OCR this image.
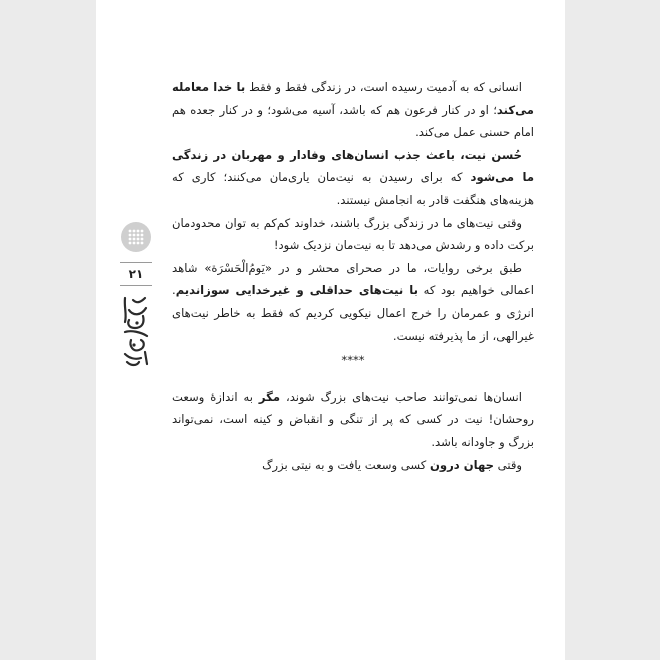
انسانی که به آدمیت رسیده است، در زندگی فقط و فقط با خدا معامله می‌کند؛ او در کنار فرعون هم که باشد، آسیه می‌شود؛ و در کنار جعده هم امام حسنی عمل می‌کند.

حُسن نیت، باعث جذب انسان‌های وفادار و مهربان در زندگی ما می‌شود که برای رسیدن به نیت‌مان یاری‌مان می‌کنند؛ کاری که هزینه‌های هنگفت قادر به انجامش نیستند.

وقتی نیت‌های ما در زندگی بزرگ باشند، خداوند کم‌کم به توان محدودمان برکت داده و رشدش می‌دهد تا به نیت‌مان نزدیک شود!

طبق برخی روایات، ما در صحرای محشر و در «یَومُ‌الْحَسْرَة» شاهد اعمالی خواهیم بود که با نیت‌های حداقلی و غیرخدایی سوزاندیم. انرژی و عمرمان را خرج اعمال نیکویی کردیم که فقط به خاطر نیت‌های غیرالهی، از ما پذیرفته نیست.

****

انسان‌ها نمی‌توانند صاحب نیت‌های بزرگ شوند، مگر به اندازۀ وسعت روحشان! نیت در کسی که پر از تنگی و انقباض و کینه است، نمی‌تواند بزرگ و جاودانه باشد.

وقتی جهان درون کسی وسعت یافت و به نیتی بزرگ

۲۱
